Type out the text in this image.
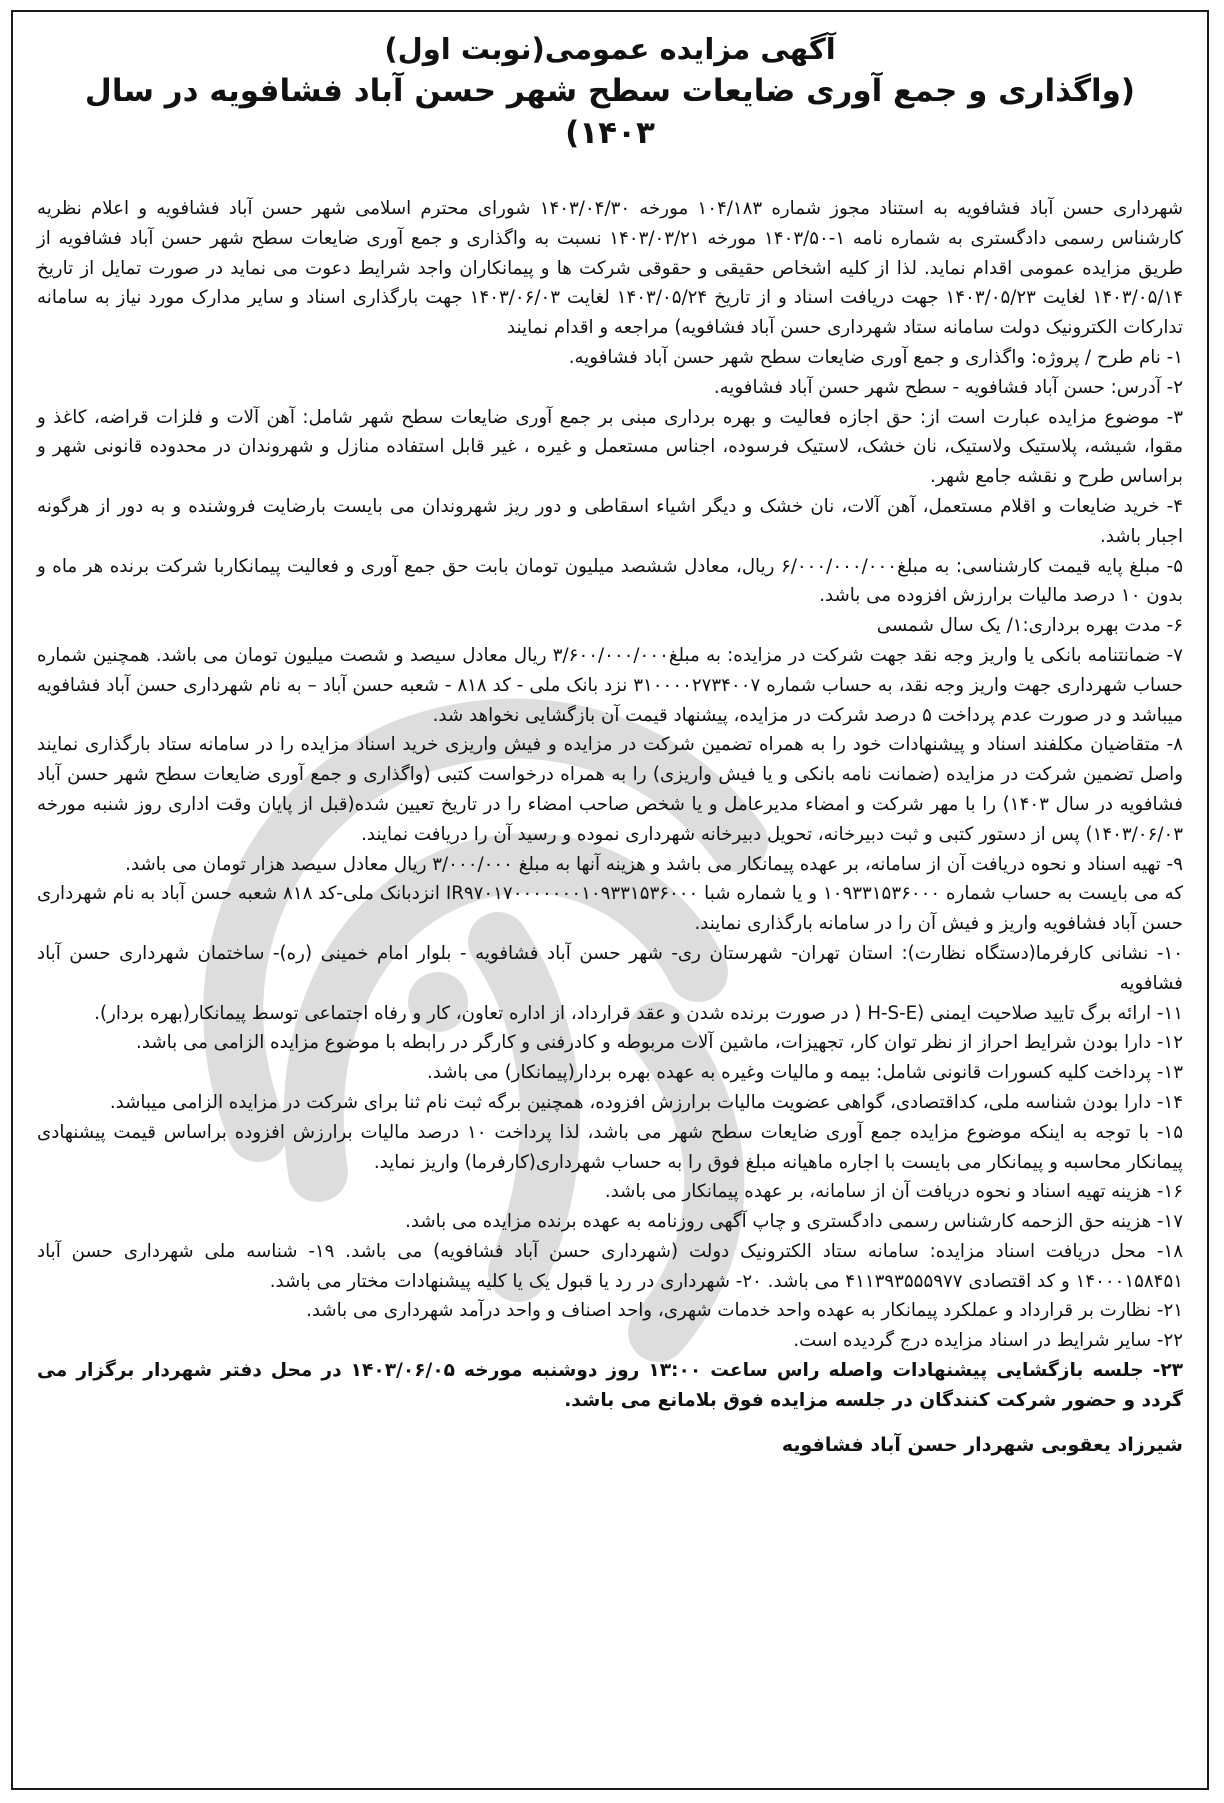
آگهی مزایده عمومی(نوبت اول)
(واگذاری و جمع آوری ضایعات سطح شهر حسن آباد فشافویه در سال ۱۴۰۳)

شهرداری حسن آباد فشافویه به استناد مجوز شماره ۱۰۴/۱۸۳ مورخه ۱۴۰۳/۰۴/۳۰ شورای محترم اسلامی شهر حسن آباد فشافویه و اعلام نظریه کارشناس رسمی دادگستری به شماره نامه ۱-۱۴۰۳/۵۰ مورخه ۱۴۰۳/۰۳/۲۱ نسبت به واگذاری و جمع آوری ضایعات سطح شهر حسن آباد فشافویه از طریق مزایده عمومی اقدام نماید. لذا از کلیه اشخاص حقیقی و حقوقی شرکت ها و پیمانکاران واجد شرایط دعوت می نماید در صورت تمایل از تاریخ ۱۴۰۳/۰۵/۱۴ لغایت ۱۴۰۳/۰۵/۲۳ جهت دریافت اسناد و از تاریخ ۱۴۰۳/۰۵/۲۴ لغایت ۱۴۰۳/۰۶/۰۳ جهت بارگذاری اسناد و سایر مدارک مورد نیاز به سامانه تدارکات الکترونیک دولت سامانه ستاد شهرداری حسن آباد فشافویه) مراجعه و اقدام نمایند

۱- نام طرح / پروژه: واگذاری و جمع آوری ضایعات سطح شهر حسن آباد فشافویه.

۲- آدرس: حسن آباد فشافویه - سطح شهر حسن آباد فشافویه.

۳- موضوع مزایده عبارت است از: حق اجازه فعالیت و بهره برداری مبنی بر جمع آوری ضایعات سطح شهر شامل: آهن آلات و فلزات قراضه، کاغذ و مقوا، شیشه، پلاستیک ولاستیک، نان خشک، لاستیک فرسوده، اجناس مستعمل و غیره ، غیر قابل استفاده منازل و شهروندان در محدوده قانونی شهر و براساس طرح و نقشه جامع شهر.

۴- خرید ضایعات و اقلام مستعمل، آهن آلات، نان خشک و دیگر اشیاء اسقاطی و دور ریز شهروندان می بایست بارضایت فروشنده و به دور از هرگونه اجبار باشد.

۵- مبلغ پایه قیمت کارشناسی: به مبلغ۶/۰۰۰/۰۰۰/۰۰۰ ریال، معادل ششصد میلیون تومان بابت حق جمع آوری و فعالیت پیمانکاربا شرکت برنده هر ماه و بدون ۱۰ درصد مالیات برارزش افزوده می باشد.

۶- مدت بهره برداری:۱/ یک سال شمسی

۷- ضمانتنامه بانکی یا واریز وجه نقد جهت شرکت در مزایده: به مبلغ۳/۶۰۰/۰۰۰/۰۰۰ ریال معادل سیصد و شصت میلیون تومان می باشد. همچنین شماره حساب شهرداری جهت واریز وجه نقد، به حساب شماره ۳۱۰۰۰۰۲۷۳۴۰۰۷ نزد بانک ملی - کد ۸۱۸ - شعبه حسن آباد – به نام شهرداری حسن آباد فشافویه میباشد و در صورت عدم پرداخت ۵ درصد شرکت در مزایده، پیشنهاد قیمت آن بازگشایی نخواهد شد.

۸- متقاضیان مکلفند اسناد و پیشنهادات خود را به همراه تضمین شرکت در مزایده و فیش واریزی خرید اسناد مزایده را در سامانه ستاد بارگذاری نمایند واصل تضمین شرکت در مزایده (ضمانت نامه بانکی و یا فیش واریزی) را به همراه درخواست کتبی (واگذاری و جمع آوری ضایعات سطح شهر حسن آباد فشافویه در سال ۱۴۰۳) را با مهر شرکت و امضاء مدیرعامل و یا شخص صاحب امضاء را در تاریخ تعیین شده(قبل از پایان وقت اداری روز شنبه مورخه ۱۴۰۳/۰۶/۰۳) پس از دستور کتبی و ثبت دبیرخانه، تحویل دبیرخانه شهرداری نموده و رسید آن را دریافت نمایند.

۹- تهیه اسناد و نحوه دریافت آن از سامانه، بر عهده پیمانکار می باشد و هزینه آنها به مبلغ ۳/۰۰۰/۰۰۰ ریال معادل سیصد هزار تومان می باشد.

که می بایست به حساب شماره ۱۰۹۳۳۱۵۳۶۰۰۰ و یا شماره شبا IR۹۷۰۱۷۰۰۰۰۰۰۰۱۰۹۳۳۱۵۳۶۰۰۰ انزدبانک ملی-کد ۸۱۸ شعبه حسن آباد به نام شهرداری حسن آباد فشافویه واریز و فیش آن را در سامانه بارگذاری نمایند.

۱۰- نشانی کارفرما(دستگاه نظارت): استان تهران- شهرستان ری- شهر حسن آباد فشافویه - بلوار امام خمینی (ره)- ساختمان شهرداری حسن آباد فشافویه

۱۱- ارائه برگ تایید صلاحیت ایمنی (H-S-E ( در صورت برنده شدن و عقد قرارداد، از اداره تعاون، کار و رفاه اجتماعی توسط پیمانکار(بهره بردار).

۱۲- دارا بودن شرایط احراز از نظر توان کار، تجهیزات، ماشین آلات مربوطه و کادرفنی و کارگر در رابطه با موضوع مزایده الزامی می باشد.

۱۳- پرداخت کلیه کسورات قانونی شامل: بیمه و مالیات وغیره به عهده بهره بردار(پیمانکار) می باشد.

۱۴- دارا بودن شناسه ملی، کداقتصادی، گواهی عضویت مالیات برارزش افزوده، همچنین برگه ثبت نام ثنا برای شرکت در مزایده الزامی میباشد.

۱۵- با توجه به اینکه موضوع مزایده جمع آوری ضایعات سطح شهر می باشد، لذا پرداخت ۱۰ درصد مالیات برارزش افزوده براساس قیمت پیشنهادی پیمانکار محاسبه و پیمانکار می بایست با اجاره ماهیانه مبلغ فوق را به حساب شهرداری(کارفرما) واریز نماید.

۱۶- هزینه تهیه اسناد و نحوه دریافت آن از سامانه، بر عهده پیمانکار می باشد.

۱۷- هزینه حق الزحمه کارشناس رسمی دادگستری و چاپ آگهی روزنامه به عهده برنده مزایده می باشد.

۱۸- محل دریافت اسناد مزایده: سامانه ستاد الکترونیک دولت (شهرداری حسن آباد فشافویه) می باشد. ۱۹- شناسه ملی شهرداری حسن آباد ۱۴۰۰۰۱۵۸۴۵۱ و کد اقتصادی ۴۱۱۳۹۳۵۵۵۹۷۷ می باشد. ۲۰- شهرداری در رد یا قبول یک یا کلیه پیشنهادات مختار می باشد.

۲۱- نظارت بر قرارداد و عملکرد پیمانکار به عهده واحد خدمات شهری، واحد اصناف و واحد درآمد شهرداری می باشد.

۲۲- سایر شرایط در اسناد مزایده درج گردیده است.

۲۳- جلسه بازگشایی پیشنهادات واصله راس ساعت ۱۳:۰۰ روز دوشنبه مورخه ۱۴۰۳/۰۶/۰۵ در محل دفتر شهردار برگزار می گردد و حضور شرکت کنندگان در جلسه مزایده فوق بلامانع می باشد.

شیرزاد یعقوبی شهردار حسن آباد فشافویه
